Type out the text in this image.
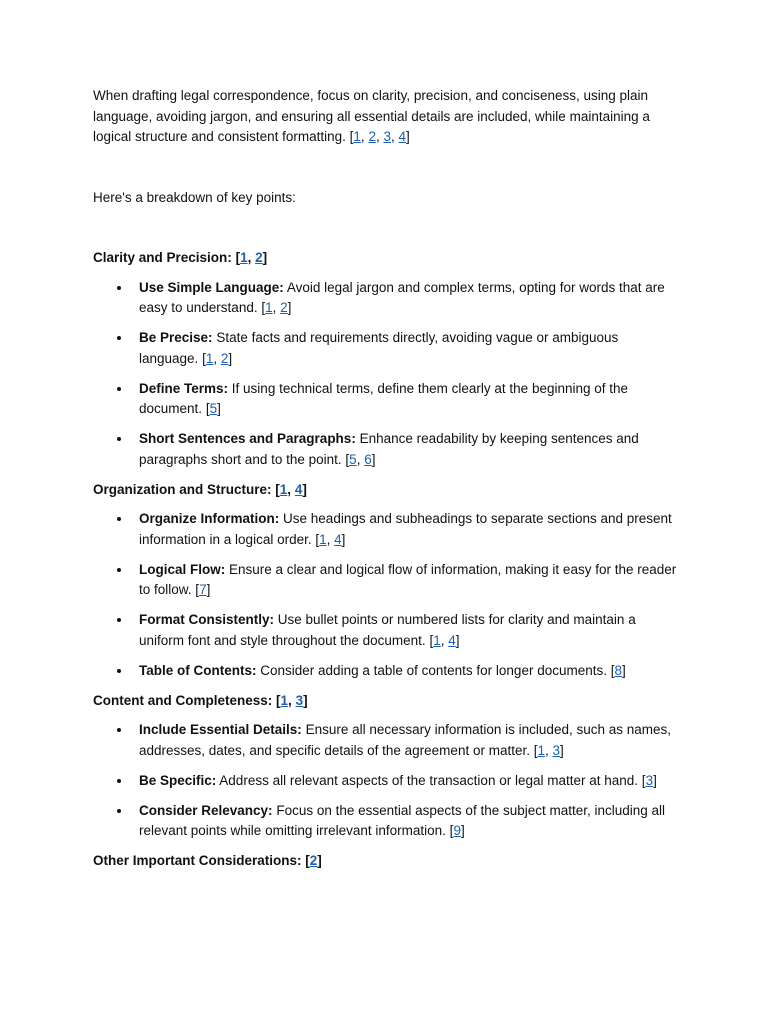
When drafting legal correspondence, focus on clarity, precision, and conciseness, using plain language, avoiding jargon, and ensuring all essential details are included, while maintaining a logical structure and consistent formatting. [1, 2, 3, 4]

Here's a breakdown of key points:

Clarity and Precision: [1, 2]
Use Simple Language: Avoid legal jargon and complex terms, opting for words that are easy to understand. [1, 2]
Be Precise: State facts and requirements directly, avoiding vague or ambiguous language. [1, 2]
Define Terms: If using technical terms, define them clearly at the beginning of the document. [5]
Short Sentences and Paragraphs: Enhance readability by keeping sentences and paragraphs short and to the point. [5, 6]
Organization and Structure: [1, 4]
Organize Information: Use headings and subheadings to separate sections and present information in a logical order. [1, 4]
Logical Flow: Ensure a clear and logical flow of information, making it easy for the reader to follow. [7]
Format Consistently: Use bullet points or numbered lists for clarity and maintain a uniform font and style throughout the document. [1, 4]
Table of Contents: Consider adding a table of contents for longer documents. [8]
Content and Completeness: [1, 3]
Include Essential Details: Ensure all necessary information is included, such as names, addresses, dates, and specific details of the agreement or matter. [1, 3]
Be Specific: Address all relevant aspects of the transaction or legal matter at hand. [3]
Consider Relevancy: Focus on the essential aspects of the subject matter, including all relevant points while omitting irrelevant information. [9]
Other Important Considerations: [2]
